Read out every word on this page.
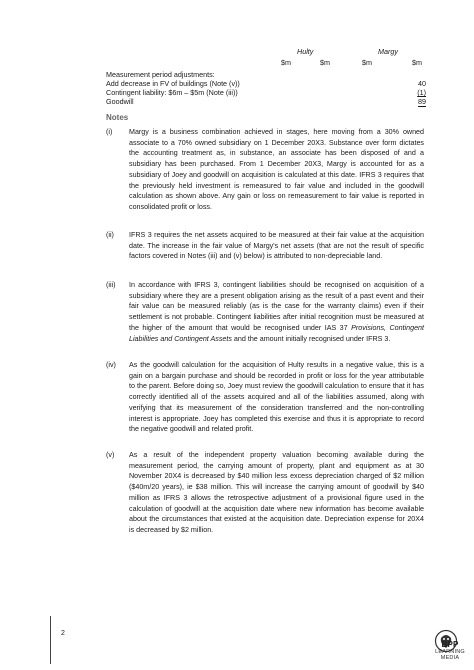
Hulty	Margy
$m	$m	$m	$m
Measurement period adjustments:
Add decrease in FV of buildings (Note (v))	40
Contingent liability: $6m – $5m (Note (iii))	(1)
Goodwill	89
Notes
(i)	Margy is a business combination achieved in stages, here moving from a 30% owned associate to a 70% owned subsidiary on 1 December 20X3. Substance over form dictates the accounting treatment as, in substance, an associate has been disposed of and a subsidiary has been purchased. From 1 December 20X3, Margy is accounted for as a subsidiary of Joey and goodwill on acquisition is calculated at this date. IFRS 3 requires that the previously held investment is remeasured to fair value and included in the goodwill calculation as shown above. Any gain or loss on remeasurement to fair value is reported in consolidated profit or loss.
(ii)	IFRS 3 requires the net assets acquired to be measured at their fair value at the acquisition date. The increase in the fair value of Margy's net assets (that are not the result of specific factors covered in Notes (iii) and (v) below) is attributed to non-depreciable land.
(iii)	In accordance with IFRS 3, contingent liabilities should be recognised on acquisition of a subsidiary where they are a present obligation arising as the result of a past event and their fair value can be measured reliably (as is the case for the warranty claims) even if their settlement is not probable. Contingent liabilities after initial recognition must be measured at the higher of the amount that would be recognised under IAS 37 Provisions, Contingent Liabilities and Contingent Assets and the amount initially recognised under IFRS 3.
(iv)	As the goodwill calculation for the acquisition of Hulty results in a negative value, this is a gain on a bargain purchase and should be recorded in profit or loss for the year attributable to the parent. Before doing so, Joey must review the goodwill calculation to ensure that it has correctly identified all of the assets acquired and all of the liabilities assumed, along with verifying that its measurement of the consideration transferred and the non-controlling interest is appropriate. Joey has completed this exercise and thus it is appropriate to record the negative goodwill and related profit.
(v)	As a result of the independent property valuation becoming available during the measurement period, the carrying amount of property, plant and equipment as at 30 November 20X4 is decreased by $40 million less excess depreciation charged of $2 million ($40m/20 years), ie $38 million. This will increase the carrying amount of goodwill by $40 million as IFRS 3 allows the retrospective adjustment of a provisional figure used in the calculation of goodwill at the acquisition date where new information has become available about the circumstances that existed at the acquisition date. Depreciation expense for 20X4 is decreased by $2 million.
2
BPP
LEARNING MEDIA
